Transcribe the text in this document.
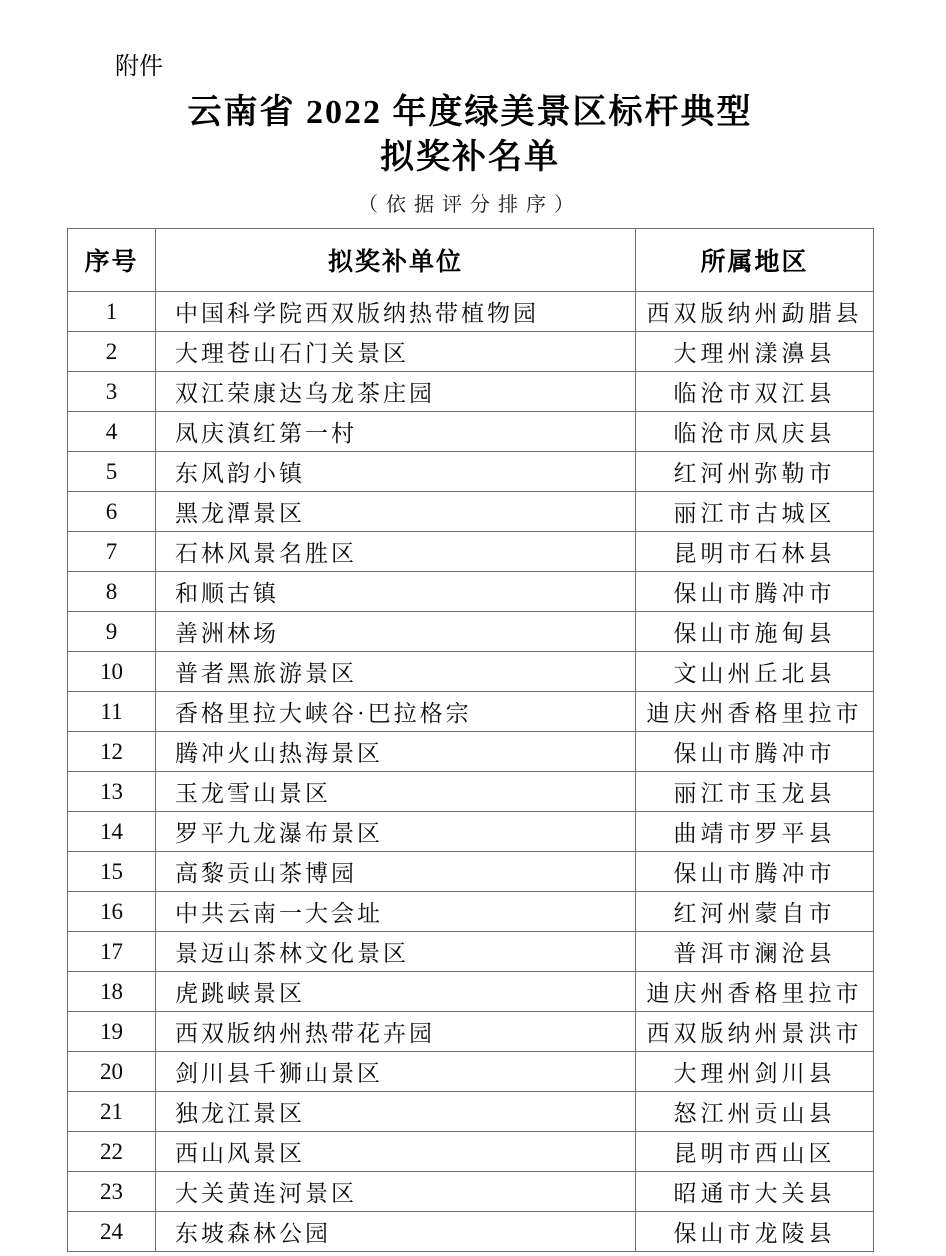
附件
云南省 2022 年度绿美景区标杆典型
拟奖补名单
（依据评分排序）
序号	拟奖补单位	所属地区
1	中国科学院西双版纳热带植物园	西双版纳州勐腊县
2	大理苍山石门关景区	大理州漾濞县
3	双江荣康达乌龙茶庄园	临沧市双江县
4	凤庆滇红第一村	临沧市凤庆县
5	东风韵小镇	红河州弥勒市
6	黑龙潭景区	丽江市古城区
7	石林风景名胜区	昆明市石林县
8	和顺古镇	保山市腾冲市
9	善洲林场	保山市施甸县
10	普者黑旅游景区	文山州丘北县
11	香格里拉大峡谷·巴拉格宗	迪庆州香格里拉市
12	腾冲火山热海景区	保山市腾冲市
13	玉龙雪山景区	丽江市玉龙县
14	罗平九龙瀑布景区	曲靖市罗平县
15	高黎贡山茶博园	保山市腾冲市
16	中共云南一大会址	红河州蒙自市
17	景迈山茶林文化景区	普洱市澜沧县
18	虎跳峡景区	迪庆州香格里拉市
19	西双版纳州热带花卉园	西双版纳州景洪市
20	剑川县千狮山景区	大理州剑川县
21	独龙江景区	怒江州贡山县
22	西山风景区	昆明市西山区
23	大关黄连河景区	昭通市大关县
24	东坡森林公园	保山市龙陵县
